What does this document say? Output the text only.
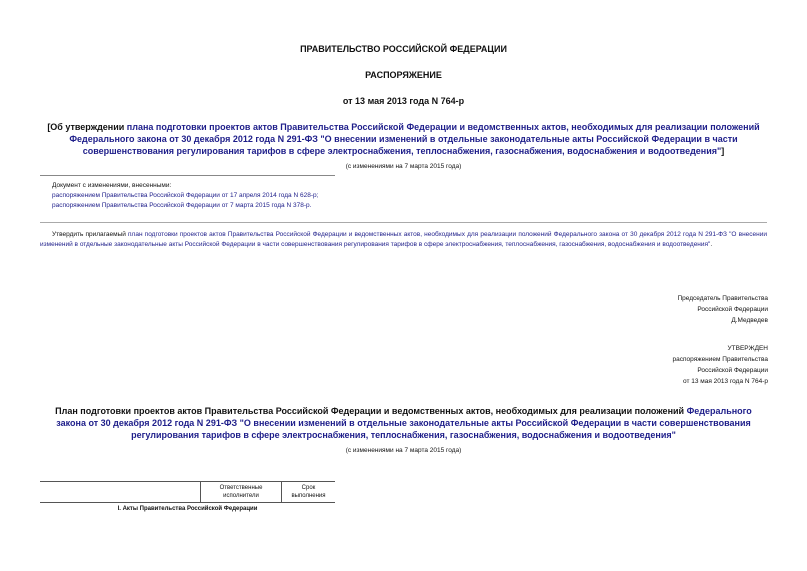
ПРАВИТЕЛЬСТВО РОССИЙСКОЙ ФЕДЕРАЦИИ
РАСПОРЯЖЕНИЕ
от 13 мая 2013 года N 764-р
[Об утверждении плана подготовки проектов актов Правительства Российской Федерации и ведомственных актов, необходимых для реализации положений Федерального закона от 30 декабря 2012 года N 291-ФЗ "О внесении изменений в отдельные законодательные акты Российской Федерации в части совершенствования регулирования тарифов в сфере электроснабжения, теплоснабжения, газоснабжения, водоснабжения и водоотведения"]
(с изменениями на 7 марта 2015 года)
Документ с изменениями, внесенными:
распоряжением Правительства Российской Федерации от 17 апреля 2014 года N 628-р;
распоряжением Правительства Российской Федерации от 7 марта 2015 года N 378-р.
Утвердить прилагаемый план подготовки проектов актов Правительства Российской Федерации и ведомственных актов, необходимых для реализации положений Федерального закона от 30 декабря 2012 года N 291-ФЗ "О внесении изменений в отдельные законодательные акты Российской Федерации в части совершенствования регулирования тарифов в сфере электроснабжения, теплоснабжения, газоснабжения, водоснабжения и водоотведения".
Председатель Правительства
Российской Федерации
Д.Медведев
УТВЕРЖДЕН
распоряжением Правительства
Российской Федерации
от 13 мая 2013 года N 764-р
План подготовки проектов актов Правительства Российской Федерации и ведомственных актов, необходимых для реализации положений Федерального закона от 30 декабря 2012 года N 291-ФЗ "О внесении изменений в отдельные законодательные акты Российской Федерации в части совершенствования регулирования тарифов в сфере электроснабжения, теплоснабжения, газоснабжения, водоснабжения и водоотведения"
(с изменениями на 7 марта 2015 года)
	Ответственные исполнители	Срок выполнения
I. Акты Правительства Российской Федерации
